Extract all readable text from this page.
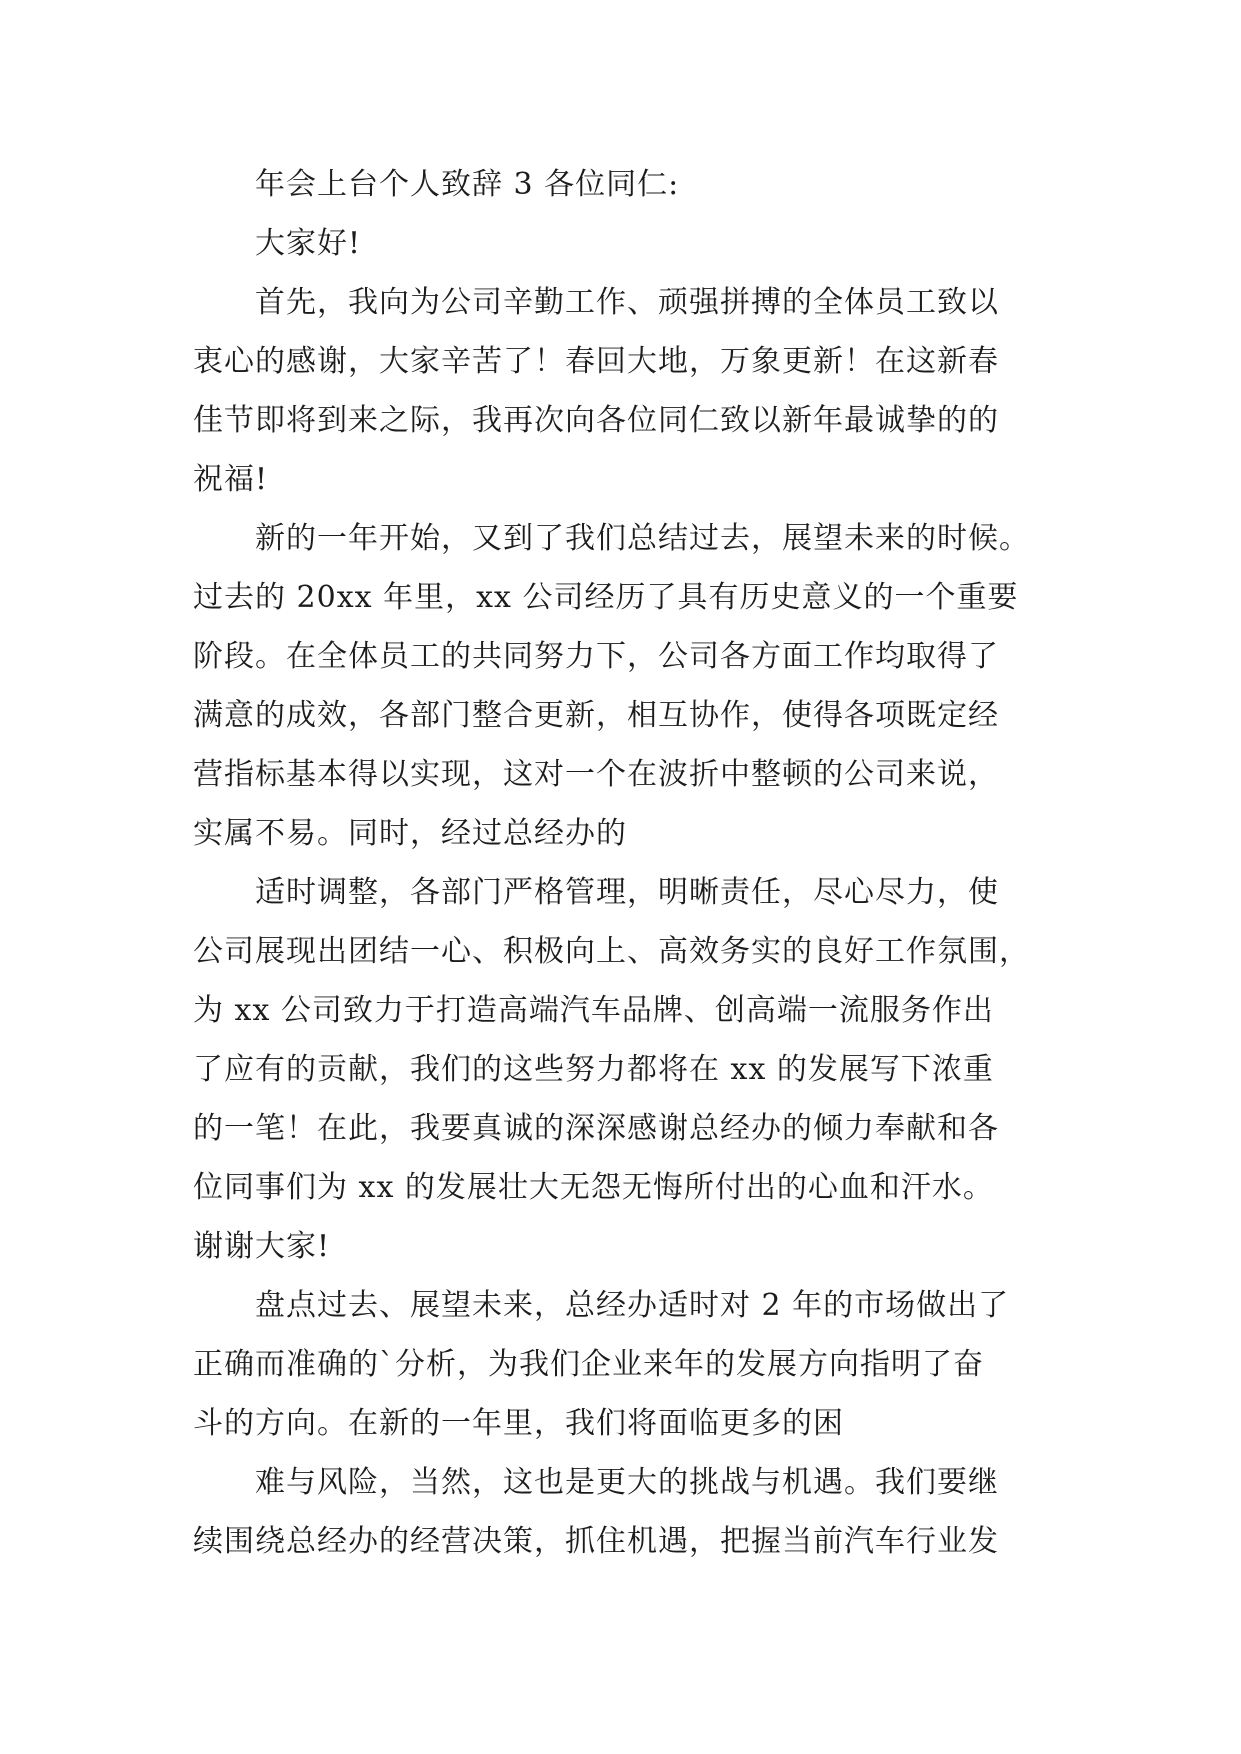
年会上台个人致辞 3 各位同仁:
大家好!
首先，我向为公司辛勤工作、顽强拼搏的全体员工致以
衷心的感谢，大家辛苦了！春回大地，万象更新！在这新春
佳节即将到来之际，我再次向各位同仁致以新年最诚挚的的
祝福!
新的一年开始，又到了我们总结过去，展望未来的时候。
过去的 20xx 年里，xx 公司经历了具有历史意义的一个重要
阶段。在全体员工的共同努力下，公司各方面工作均取得了
满意的成效，各部门整合更新，相互协作，使得各项既定经
营指标基本得以实现，这对一个在波折中整顿的公司来说，
实属不易。同时，经过总经办的
适时调整，各部门严格管理，明晰责任，尽心尽力，使
公司展现出团结一心、积极向上、高效务实的良好工作氛围，
为 xx 公司致力于打造高端汽车品牌、创高端一流服务作出
了应有的贡献，我们的这些努力都将在 xx 的发展写下浓重
的一笔！在此，我要真诚的深深感谢总经办的倾力奉献和各
位同事们为 xx 的发展壮大无怨无悔所付出的心血和汗水。
谢谢大家!
盘点过去、展望未来，总经办适时对 2 年的市场做出了
正确而准确的`分析，为我们企业来年的发展方向指明了奋
斗的方向。在新的一年里，我们将面临更多的困
难与风险，当然，这也是更大的挑战与机遇。我们要继
续围绕总经办的经营决策，抓住机遇，把握当前汽车行业发
